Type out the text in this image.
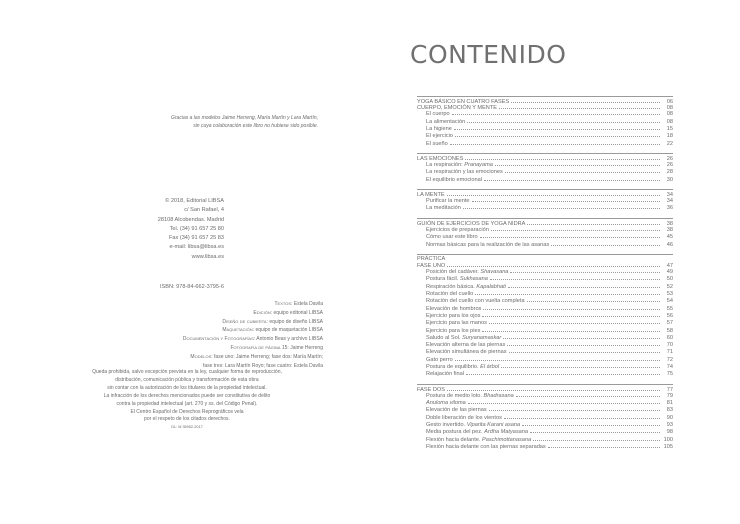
Gracias a las modelos Jaime Herreng, María Martín y Lara Martín,
sin cuya colaboración este libro no hubiese sido posible.
© 2018, Editorial LIBSA
c/ San Rafael, 4
28108 Alcobendas. Madrid
Tel. (34) 91 657 25 80
Fax (34) 91 657 25 83
e-mail: libsa@libsa.es
www.libsa.es
ISBN: 978-84-662-3795-6
Textos: Estela Davila
Edición: equipo editorial LIBSA
Diseño de cubierta: equipo de diseño LIBSA
Maquetación: equipo de maquetación LIBSA
Documentación y Fotografías: Antonio Beas y archivo LIBSA
Fotografía de página 15: Jaime Herreng
Modelos: fase uno: Jaime Herreng; fase dos: María Martín;
fase tres: Lara Martín Royo; fase cuatro: Estela Davila
Queda prohibida, salvo excepción prevista en la ley, cualquier forma de reproducción,
distribución, comunicación pública y transformación de esta obra
sin contar con la autorización de los titulares de la propiedad intelectual.
La infracción de los derechos mencionados puede ser constitutiva de delito
contra la propiedad intelectual (art. 270 y ss. del Código Penal).
El Centro Español de Derechos Reprográficos vela
por el respeto de los citados derechos.
DL: M 35952-2017
CONTENIDO
YOGA BÁSICO EN CUATRO FASES	06
CUERPO, EMOCIÓN Y MENTE	08
El cuerpo	08
La alimentación	08
La higiene	15
El ejercicio	18
El sueño	22
LAS EMOCIONES	26
La respiración: Pranayama	26
La respiración y las emociones	28
El equilibrio emocional	30
LA MENTE	34
Purificar la mente	34
La meditación	36
GUIÓN DE EJERCICIOS DE YOGA NIDRA	38
Ejercicios de preparación	38
Cómo usar este libro	45
Normas básicas para la realización de las asanas	46
PRÁCTICA
FASE UNO	47
Posición del cadáver. Shavasana	49
Postura fácil. Sukhasana	50
Respiración básica. Kapalabhati	52
Rotación del cuello	53
Rotación del cuello con vuelta completa	54
Elevación de hombros	55
Ejercicio para los ojos	56
Ejercicio para las manos	57
Ejercicio para los pies	58
Saludo al Sol. Suryanamaskar	60
Elevación alterna de las piernas	70
Elevación simultánea de piernas	71
Gato perro	72
Postura de equilibrio. El árbol	74
Relajación final	75
FASE DOS	77
Postura de medio loto. Bhadrasana	79
Anuloma viloma	81
Elevación de las piernas	83
Doble liberación de los vientos	90
Gesto invertido. Viparita Karani asana	93
Media postura del pez. Ardha Matyasana	98
Flexión hacia delante. Paschimottanasana	100
Flexión hacia delante con las piernas separadas	105
